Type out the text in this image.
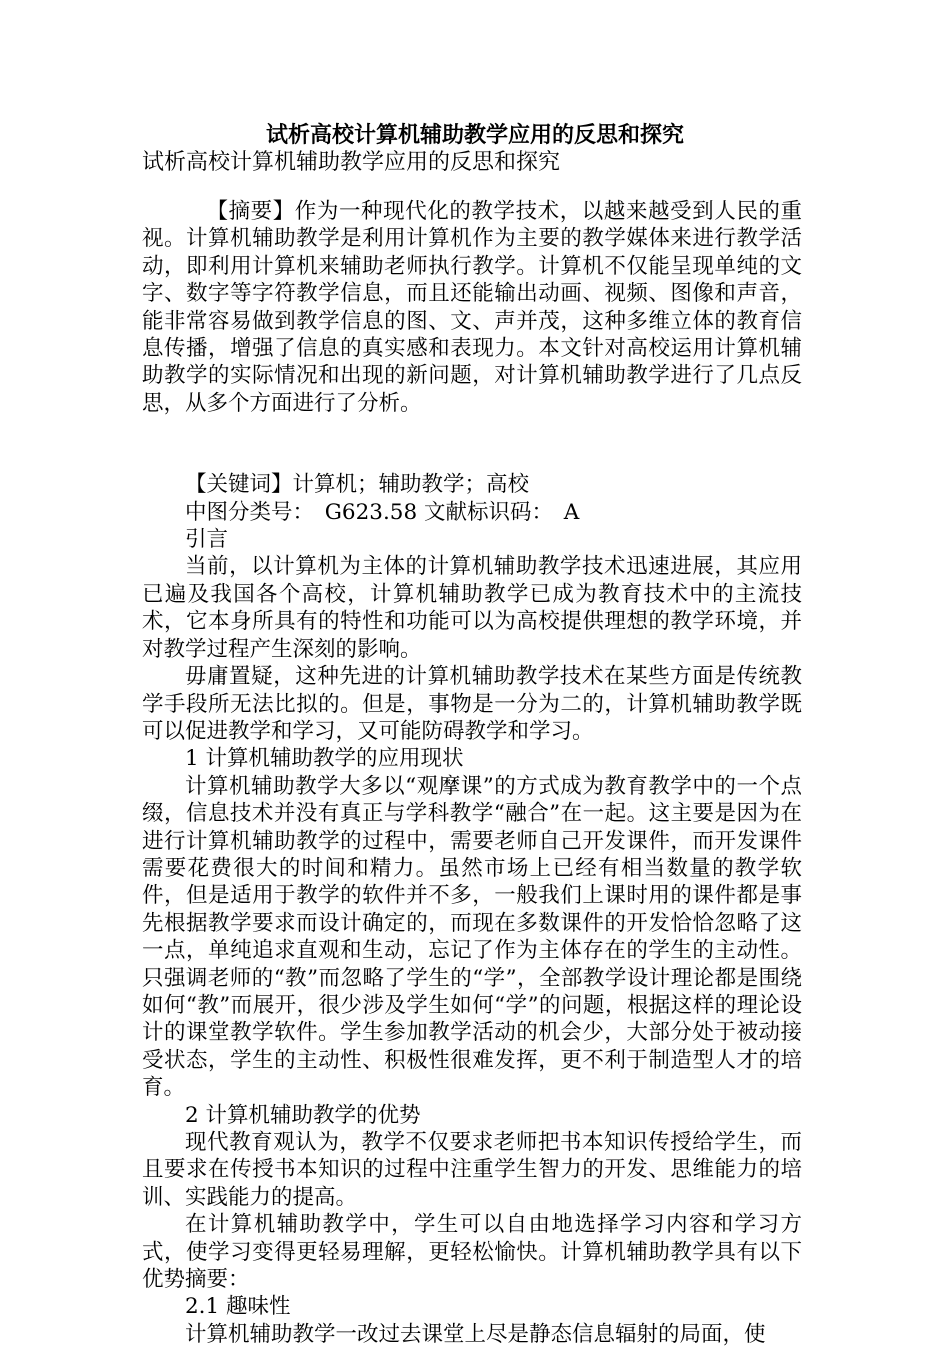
试析高校计算机辅助教学应用的反思和探究
试析高校计算机辅助教学应用的反思和探究

【摘要】作为一种现代化的教学技术，以越来越受到人民的重视。计算机辅助教学是利用计算机作为主要的教学媒体来进行教学活动，即利用计算机来辅助老师执行教学。计算机不仅能呈现单纯的文字、数字等字符教学信息，而且还能输出动画、视频、图像和声音，能非常容易做到教学信息的图、文、声并茂，这种多维立体的教育信息传播，增强了信息的真实感和表现力。本文针对高校运用计算机辅助教学的实际情况和出现的新问题，对计算机辅助教学进行了几点反思，从多个方面进行了分析。

【关键词】计算机；辅助教学；高校

中图分类号：　G623.58 文献标识码：　A

引言

当前，以计算机为主体的计算机辅助教学技术迅速进展，其应用已遍及我国各个高校，计算机辅助教学已成为教育技术中的主流技术，它本身所具有的特性和功能可以为高校提供理想的教学环境，并对教学过程产生深刻的影响。

毋庸置疑，这种先进的计算机辅助教学技术在某些方面是传统教学手段所无法比拟的。但是，事物是一分为二的，计算机辅助教学既可以促进教学和学习，又可能防碍教学和学习。

1 计算机辅助教学的应用现状

计算机辅助教学大多以“观摩课”的方式成为教育教学中的一个点缀，信息技术并没有真正与学科教学“融合”在一起。这主要是因为在进行计算机辅助教学的过程中，需要老师自己开发课件，而开发课件需要花费很大的时间和精力。虽然市场上已经有相当数量的教学软件，但是适用于教学的软件并不多，一般我们上课时用的课件都是事先根据教学要求而设计确定的，而现在多数课件的开发恰恰忽略了这一点，单纯追求直观和生动，忘记了作为主体存在的学生的主动性。只强调老师的“教”而忽略了学生的“学”，全部教学设计理论都是围绕如何“教”而展开，很少涉及学生如何“学”的问题，根据这样的理论设计的课堂教学软件。学生参加教学活动的机会少，大部分处于被动接受状态，学生的主动性、积极性很难发挥，更不利于制造型人才的培育。

2 计算机辅助教学的优势

现代教育观认为，教学不仅要求老师把书本知识传授给学生，而且要求在传授书本知识的过程中注重学生智力的开发、思维能力的培训、实践能力的提高。

在计算机辅助教学中，学生可以自由地选择学习内容和学习方式，使学习变得更轻易理解，更轻松愉快。计算机辅助教学具有以下优势摘要：

2.1 趣味性

计算机辅助教学一改过去课堂上尽是静态信息辐射的局面，使
